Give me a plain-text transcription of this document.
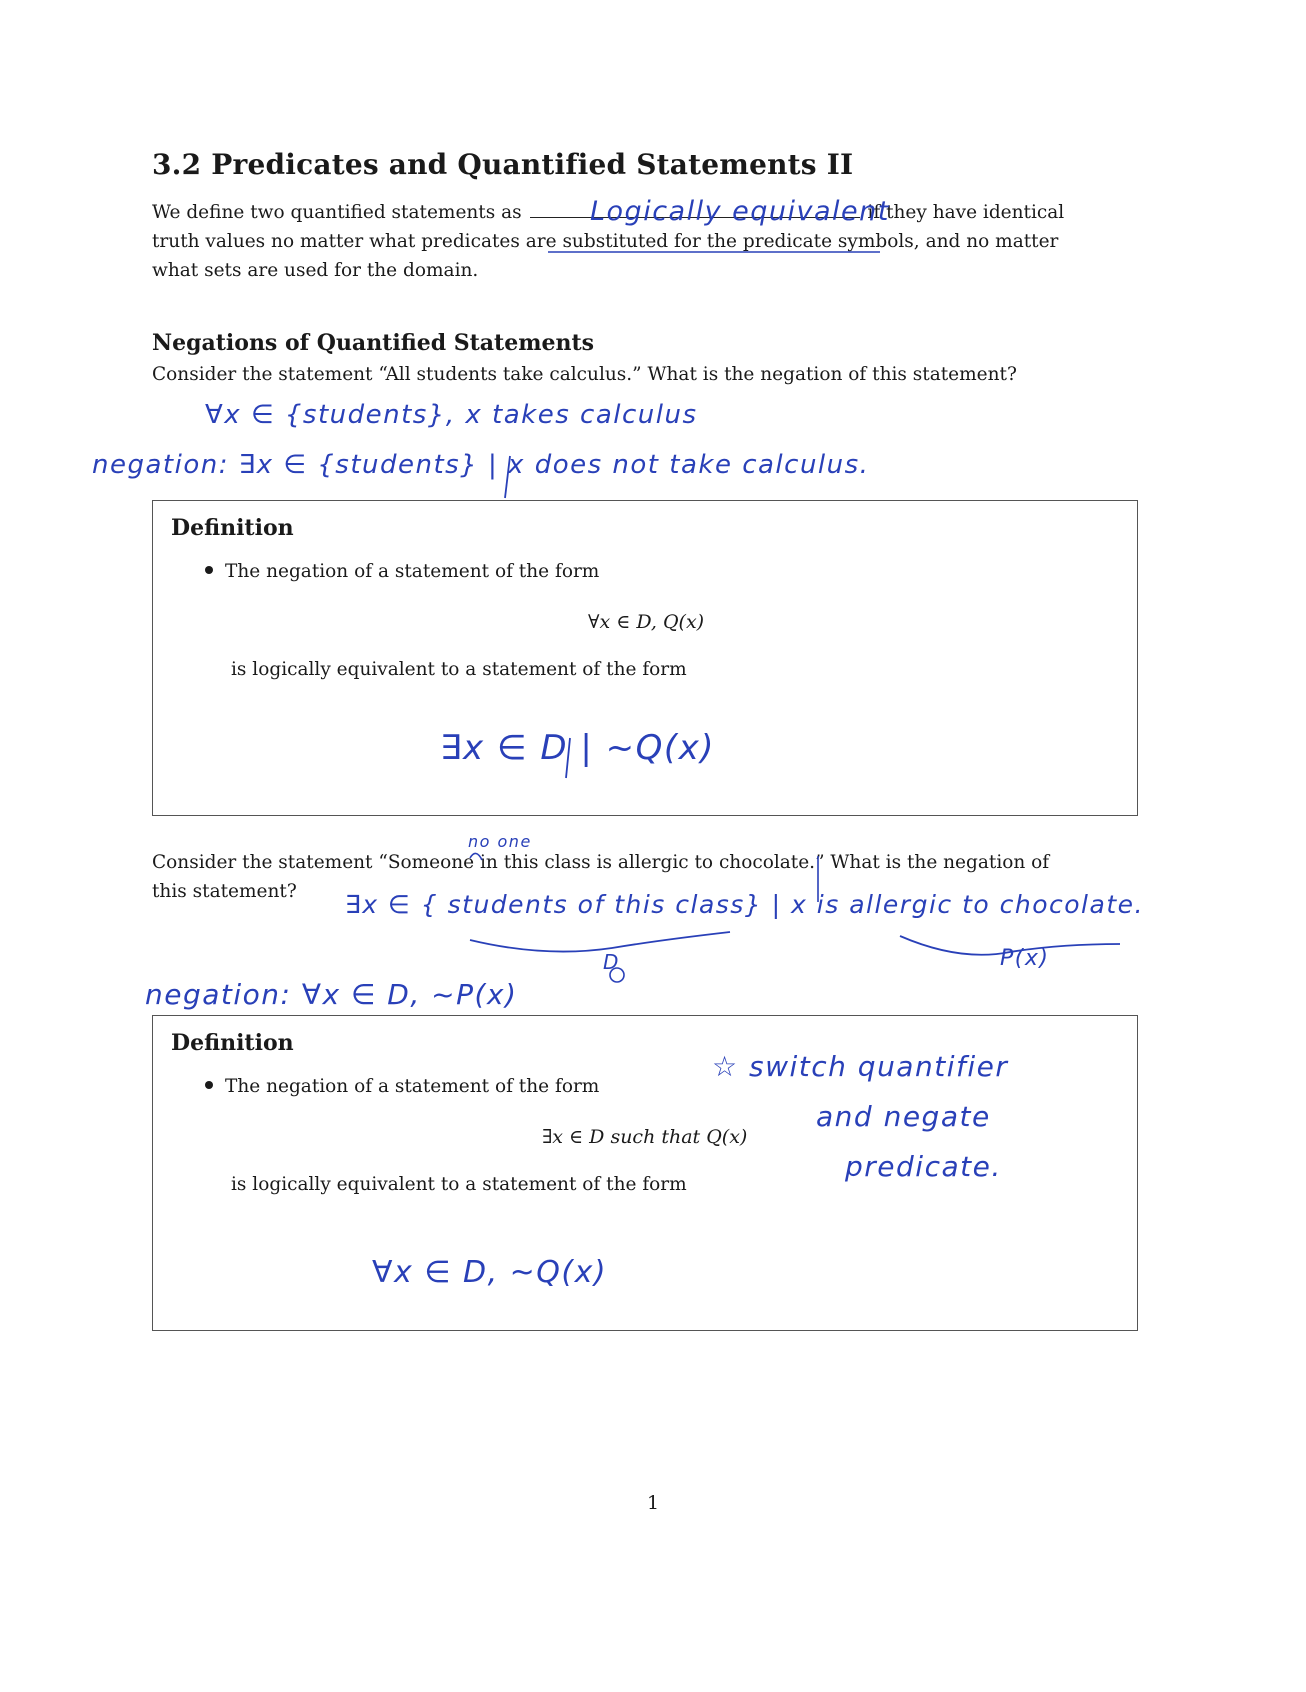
3.2 Predicates and Quantified Statements II
We define two quantified statements as	if they have identical
truth values no matter what predicates are substituted for the predicate symbols, and no matter
what sets are used for the domain.
Negations of Quantified Statements
Consider the statement “All students take calculus.” What is the negation of this statement?
Definition
The negation of a statement of the form
∀x ∈ D, Q(x)
is logically equivalent to a statement of the form
Consider the statement “Someone in this class is allergic to chocolate.” What is the negation of
this statement?
Definition
The negation of a statement of the form
∃x ∈ D such that Q(x)
is logically equivalent to a statement of the form
Logically equivalent
∀x ∈ {students}, x takes calculus
negation: ∃x ∈ {students} | x does not take calculus.
∃x ∈ D | ~Q(x)
no one
∃x ∈ { students of this class} | x is allergic to chocolate.
D	P(x)
negation: ∀x ∈ D, ~P(x)
☆ switch quantifier
and negate
predicate.
∀x ∈ D, ~Q(x)
1
